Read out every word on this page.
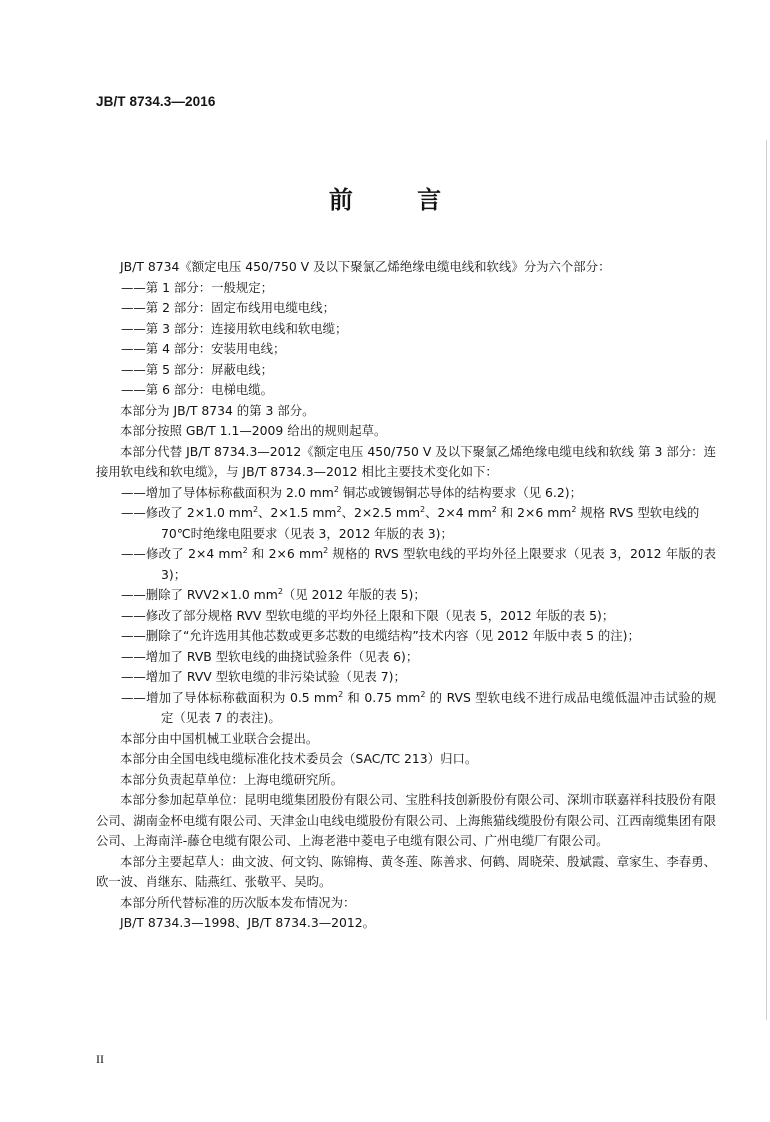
JB/T 8734.3—2016
前 言

JB/T 8734《额定电压 450/750 V 及以下聚氯乙烯绝缘电缆电线和软线》分为六个部分：

——第 1 部分：一般规定；

——第 2 部分：固定布线用电缆电线；

——第 3 部分：连接用软电线和软电缆；

——第 4 部分：安装用电线；

——第 5 部分：屏蔽电线；

——第 6 部分：电梯电缆。

本部分为 JB/T 8734 的第 3 部分。

本部分按照 GB/T 1.1—2009 给出的规则起草。

本部分代替 JB/T 8734.3—2012《额定电压 450/750 V 及以下聚氯乙烯绝缘电缆电线和软线 第 3 部分：连接用软电线和软电缆》，与 JB/T 8734.3—2012 相比主要技术变化如下：

——增加了导体标称截面积为 2.0 $mm^2$ 铜芯或镀锡铜芯导体的结构要求（见 6.2)；

——修改了 2×1.0 $mm^2$、2×1.5 $mm^2$、2×2.5 $mm^2$、2×4 $mm^2$ 和 2×6 $mm^2$ 规格 RVS 型软电线的

70℃时绝缘电阻要求（见表 3，2012 年版的表 3)；

——修改了 2×4 $mm^2$ 和 2×6 $mm^2$ 规格的 RVS 型软电线的平均外径上限要求（见表 3，2012 年版的表 3)；

——删除了 RVV2×1.0 $mm^2$（见 2012 年版的表 5)；

——修改了部分规格 RVV 型软电缆的平均外径上限和下限（见表 5，2012 年版的表 5)；

——删除了“允许选用其他芯数或更多芯数的电缆结构”技术内容（见 2012 年版中表 5 的注)；

——增加了 RVB 型软电线的曲挠试验条件（见表 6)；

——增加了 RVV 型软电缆的非污染试验（见表 7)；

——增加了导体标称截面积为 0.5 $mm^2$ 和 0.75 $mm^2$ 的 RVS 型软电线不进行成品电缆低温冲击试验的规定（见表 7 的表注)。

本部分由中国机械工业联合会提出。

本部分由全国电线电缆标准化技术委员会（SAC/TC 213）归口。

本部分负责起草单位：上海电缆研究所。

本部分参加起草单位：昆明电缆集团股份有限公司、宝胜科技创新股份有限公司、深圳市联嘉祥科技股份有限公司、湖南金杯电缆有限公司、天津金山电线电缆股份有限公司、上海熊猫线缆股份有限公司、江西南缆集团有限公司、上海南洋-藤仓电缆有限公司、上海老港中菱电子电缆有限公司、广州电缆厂有限公司。

本部分主要起草人：曲文波、何文钧、陈锦梅、黄冬莲、陈善求、何鹤、周晓荣、殷斌霞、章家生、李春勇、欧一波、肖继东、陆燕红、张敬平、吴昀。

本部分所代替标准的历次版本发布情况为：

JB/T 8734.3—1998、JB/T 8734.3—2012。

II
